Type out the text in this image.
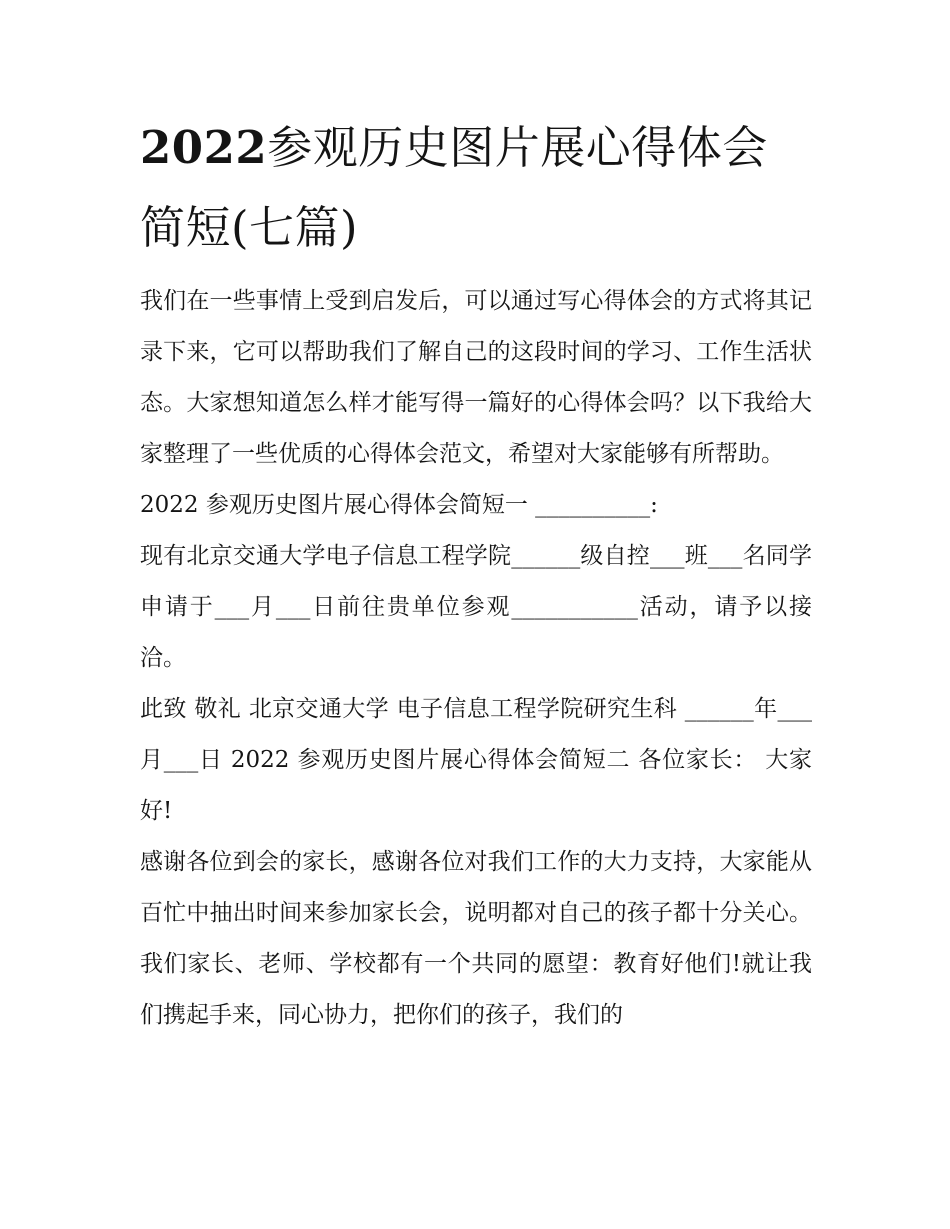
2022参观历史图片展心得体会简短(七篇)

我们在一些事情上受到启发后，可以通过写心得体会的方式将其记录下来，它可以帮助我们了解自己的这段时间的学习、工作生活状态。大家想知道怎么样才能写得一篇好的心得体会吗？以下我给大家整理了一些优质的心得体会范文，希望对大家能够有所帮助。

2022 参观历史图片展心得体会简短一 __________:

现有北京交通大学电子信息工程学院______级自控___班___名同学申请于___月___日前往贵单位参观___________活动，请予以接洽。

此致 敬礼 北京交通大学 电子信息工程学院研究生科 ______年___月___日 2022 参观历史图片展心得体会简短二 各位家长： 大家好!

感谢各位到会的家长，感谢各位对我们工作的大力支持，大家能从百忙中抽出时间来参加家长会，说明都对自己的孩子都十分关心。我们家长、老师、学校都有一个共同的愿望：教育好他们!就让我们携起手来，同心协力，把你们的孩子，我们的
